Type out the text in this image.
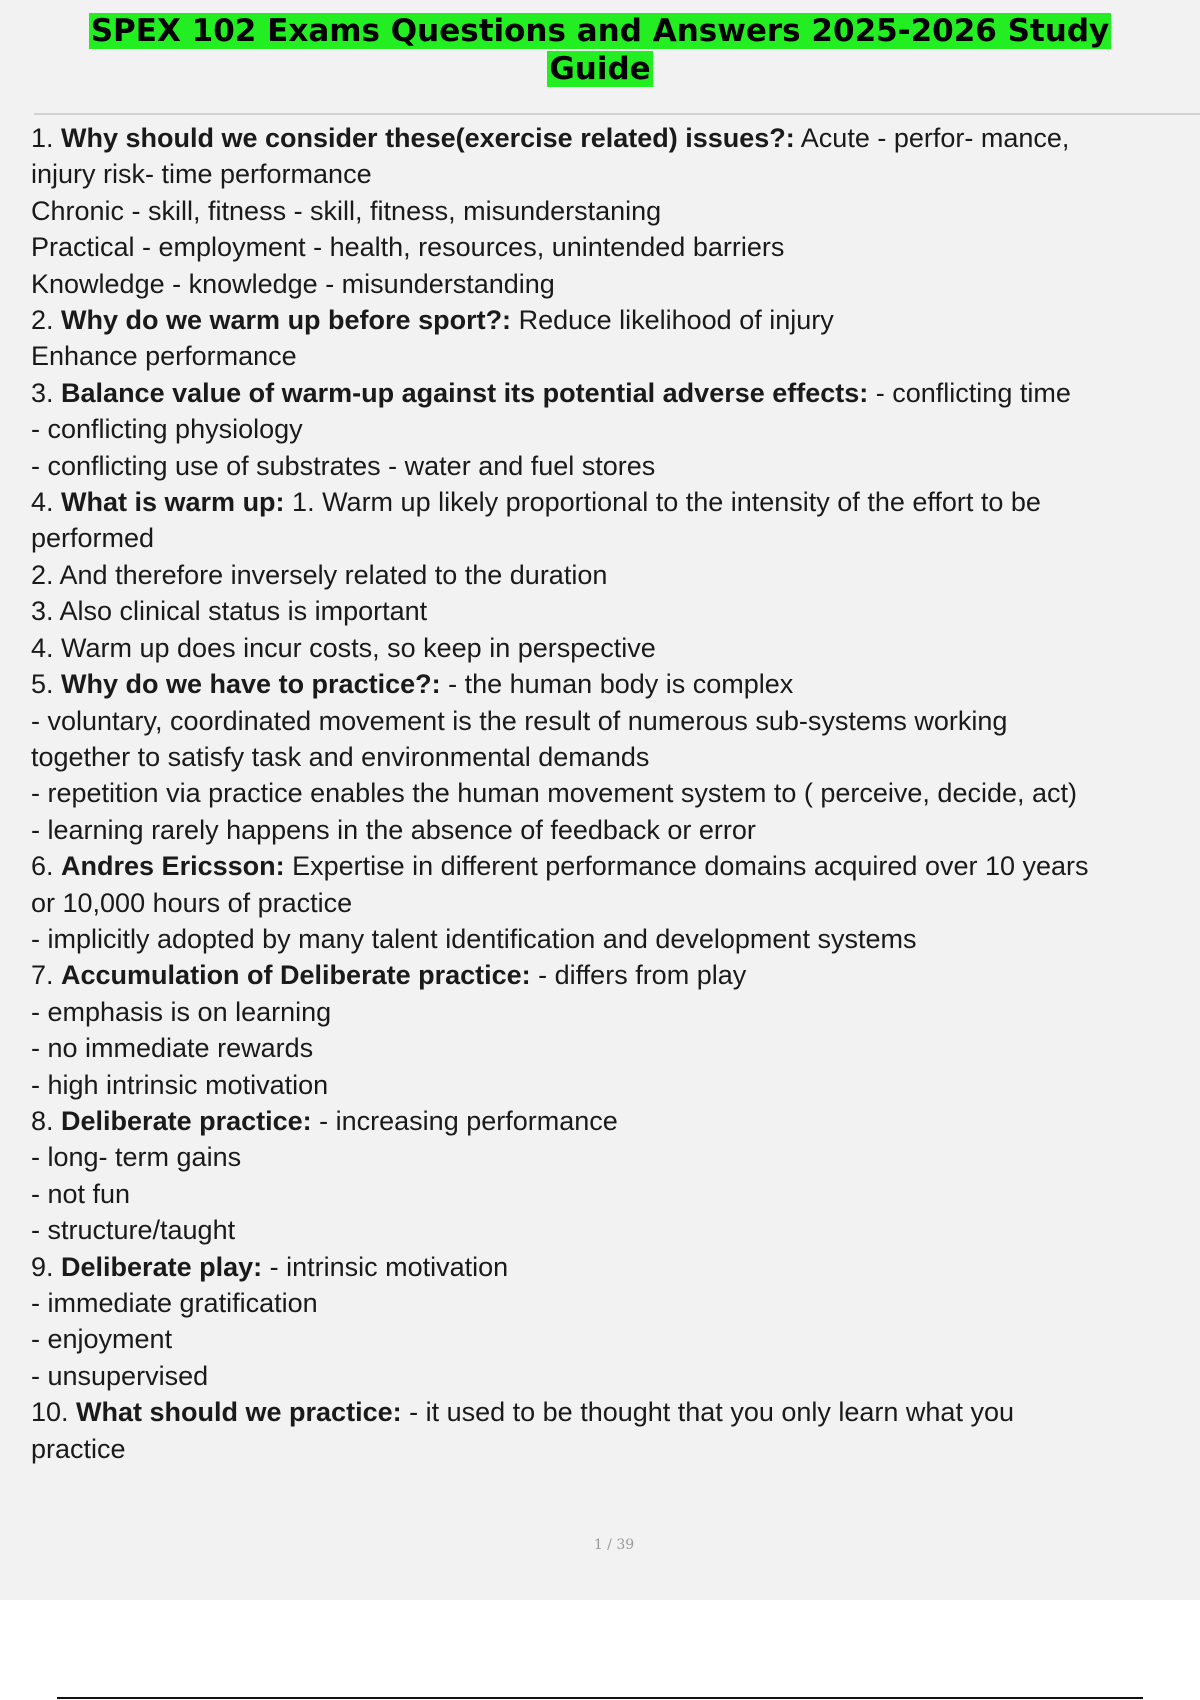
SPEX 102 Exams Questions and Answers 2025-2026 Study
Guide
1. Why should we consider these(exercise related) issues?: Acute - perfor- mance,
injury risk- time performance
Chronic - skill, fitness - skill, fitness, misunderstaning
Practical - employment - health, resources, unintended barriers
Knowledge - knowledge - misunderstanding
2. Why do we warm up before sport?: Reduce likelihood of injury
Enhance performance
3. Balance value of warm-up against its potential adverse effects: - conflicting time
- conflicting physiology
- conflicting use of substrates - water and fuel stores
4. What is warm up: 1. Warm up likely proportional to the intensity of the effort to be
performed
2. And therefore inversely related to the duration
3. Also clinical status is important
4. Warm up does incur costs, so keep in perspective
5. Why do we have to practice?: - the human body is complex
- voluntary, coordinated movement is the result of numerous sub-systems working
together to satisfy task and environmental demands
- repetition via practice enables the human movement system to ( perceive, decide, act)
- learning rarely happens in the absence of feedback or error
6. Andres Ericsson: Expertise in different performance domains acquired over 10 years
or 10,000 hours of practice
- implicitly adopted by many talent identification and development systems
7. Accumulation of Deliberate practice: - differs from play
- emphasis is on learning
- no immediate rewards
- high intrinsic motivation
8. Deliberate practice: - increasing performance
- long- term gains
- not fun
- structure/taught
9. Deliberate play: - intrinsic motivation
- immediate gratification
- enjoyment
- unsupervised
10. What should we practice: - it used to be thought that you only learn what you
practice
1 / 39
